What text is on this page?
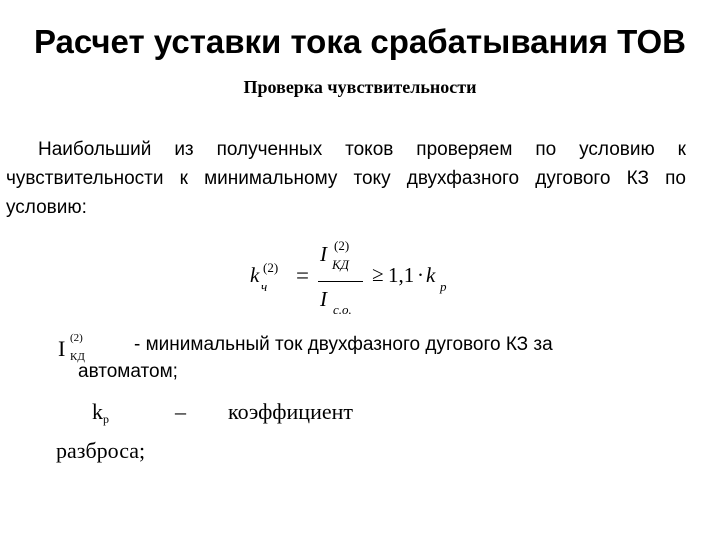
Расчет уставки тока срабатывания ТОВ
Проверка чувствительности
Наибольший из полученных токов проверяем по условию к чувствительности к минимальному току двухфазного дугового КЗ по условию:
k (2)
ч =
I (2)
КД
I с.о.
≥ 1,1 · k р
I (2)
КД
- минимальный ток двухфазного дугового КЗ за
автоматом;
$k_р$	– коэффициент
разброса;
